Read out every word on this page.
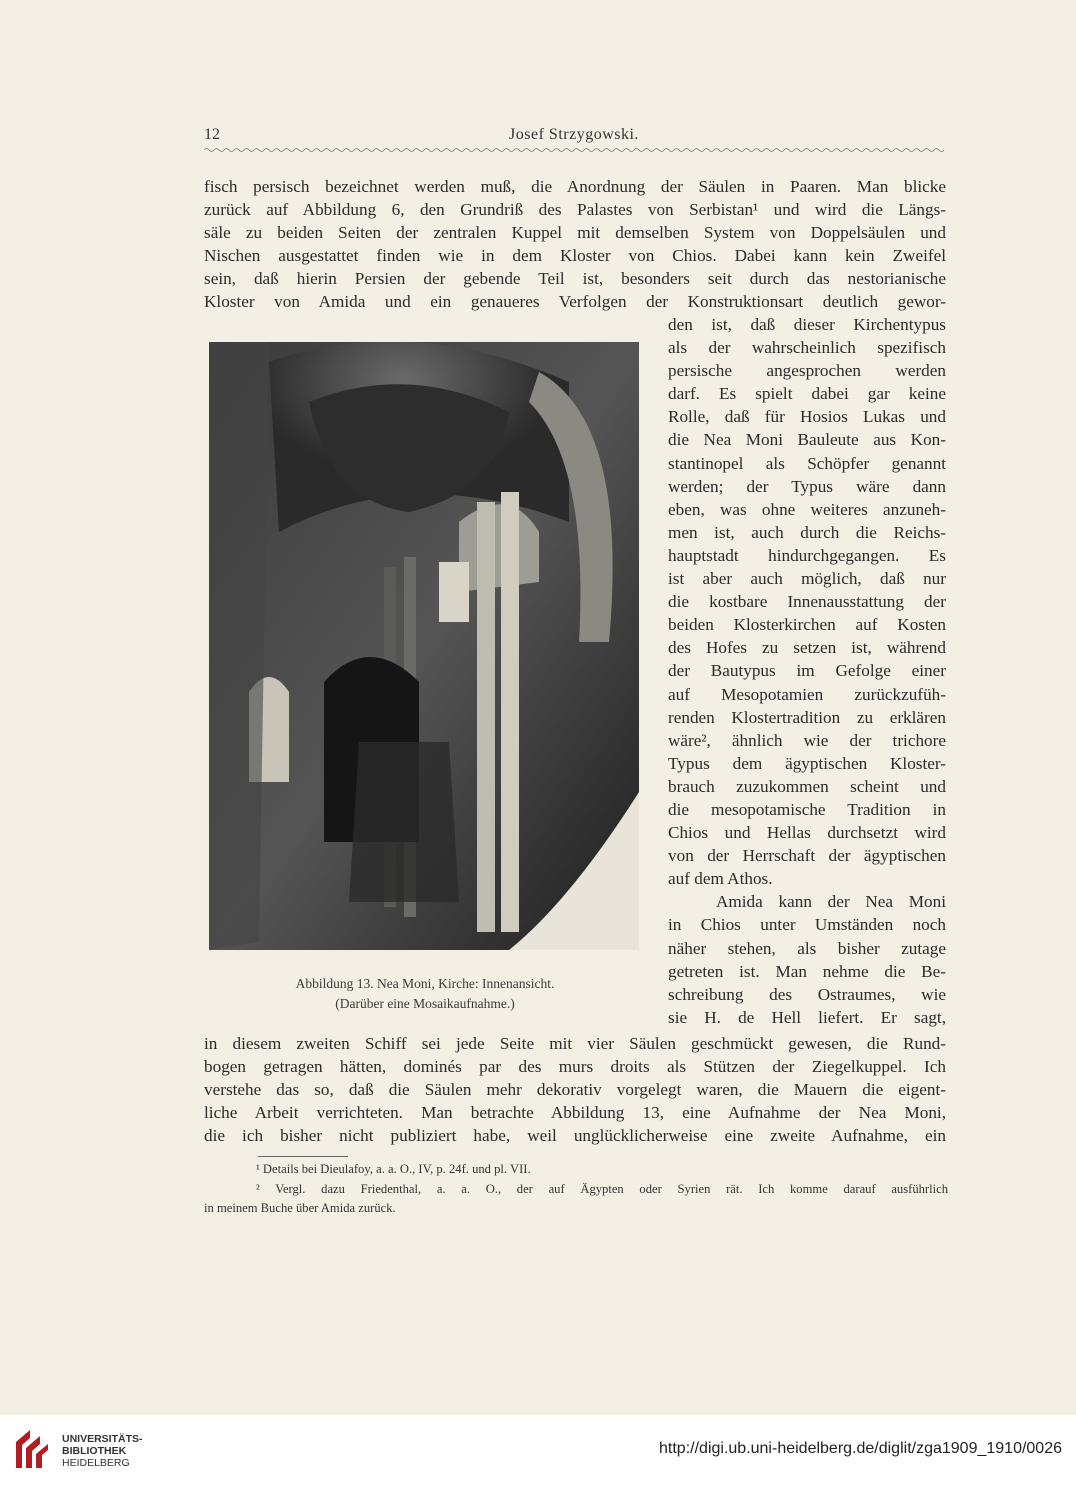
12	Josef Strzygowski.
fisch persisch bezeichnet werden muß, die Anordnung der Säulen in Paaren. Man blicke
zurück auf Abbildung 6, den Grundriß des Palastes von Serbistan¹ und wird die Längs-
säle zu beiden Seiten der zentralen Kuppel mit demselben System von Doppelsäulen und
Nischen ausgestattet finden wie in dem Kloster von Chios. Dabei kann kein Zweifel
sein, daß hierin Persien der gebende Teil ist, besonders seit durch das nestorianische
Kloster von Amida und ein genaueres Verfolgen der Konstruktionsart deutlich gewor-
Abbildung 13. Nea Moni, Kirche: Innenansicht.
(Darüber eine Mosaikaufnahme.)
den ist, daß dieser Kirchentypus
als der wahrscheinlich spezifisch
persische angesprochen werden
darf. Es spielt dabei gar keine
Rolle, daß für Hosios Lukas und
die Nea Moni Bauleute aus Kon-
stantinopel als Schöpfer genannt
werden; der Typus wäre dann
eben, was ohne weiteres anzuneh-
men ist, auch durch die Reichs-
hauptstadt hindurchgegangen. Es
ist aber auch möglich, daß nur
die kostbare Innenausstattung der
beiden Klosterkirchen auf Kosten
des Hofes zu setzen ist, während
der Bautypus im Gefolge einer
auf Mesopotamien zurückzufüh-
renden Klostertradition zu erklären
wäre², ähnlich wie der trichore
Typus dem ägyptischen Kloster-
brauch zuzukommen scheint und
die mesopotamische Tradition in
Chios und Hellas durchsetzt wird
von der Herrschaft der ägyptischen
auf dem Athos.
Amida kann der Nea Moni
in Chios unter Umständen noch
näher stehen, als bisher zutage
getreten ist. Man nehme die Be-
schreibung des Ostraumes, wie
sie H. de Hell liefert. Er sagt,
in diesem zweiten Schiff sei jede Seite mit vier Säulen geschmückt gewesen, die Rund-
bogen getragen hätten, dominés par des murs droits als Stützen der Ziegelkuppel. Ich
verstehe das so, daß die Säulen mehr dekorativ vorgelegt waren, die Mauern die eigent-
liche Arbeit verrichteten. Man betrachte Abbildung 13, eine Aufnahme der Nea Moni,
die ich bisher nicht publiziert habe, weil unglücklicherweise eine zweite Aufnahme, ein
¹ Details bei Dieulafoy, a. a. O., IV, p. 24f. und pl. VII.
² Vergl. dazu Friedenthal, a. a. O., der auf Ägypten oder Syrien rät. Ich komme darauf ausführlich
in meinem Buche über Amida zurück.
UNIVERSITÄTS-
BIBLIOTHEK
HEIDELBERG
http://digi.ub.uni-heidelberg.de/diglit/zga1909_1910/0026
